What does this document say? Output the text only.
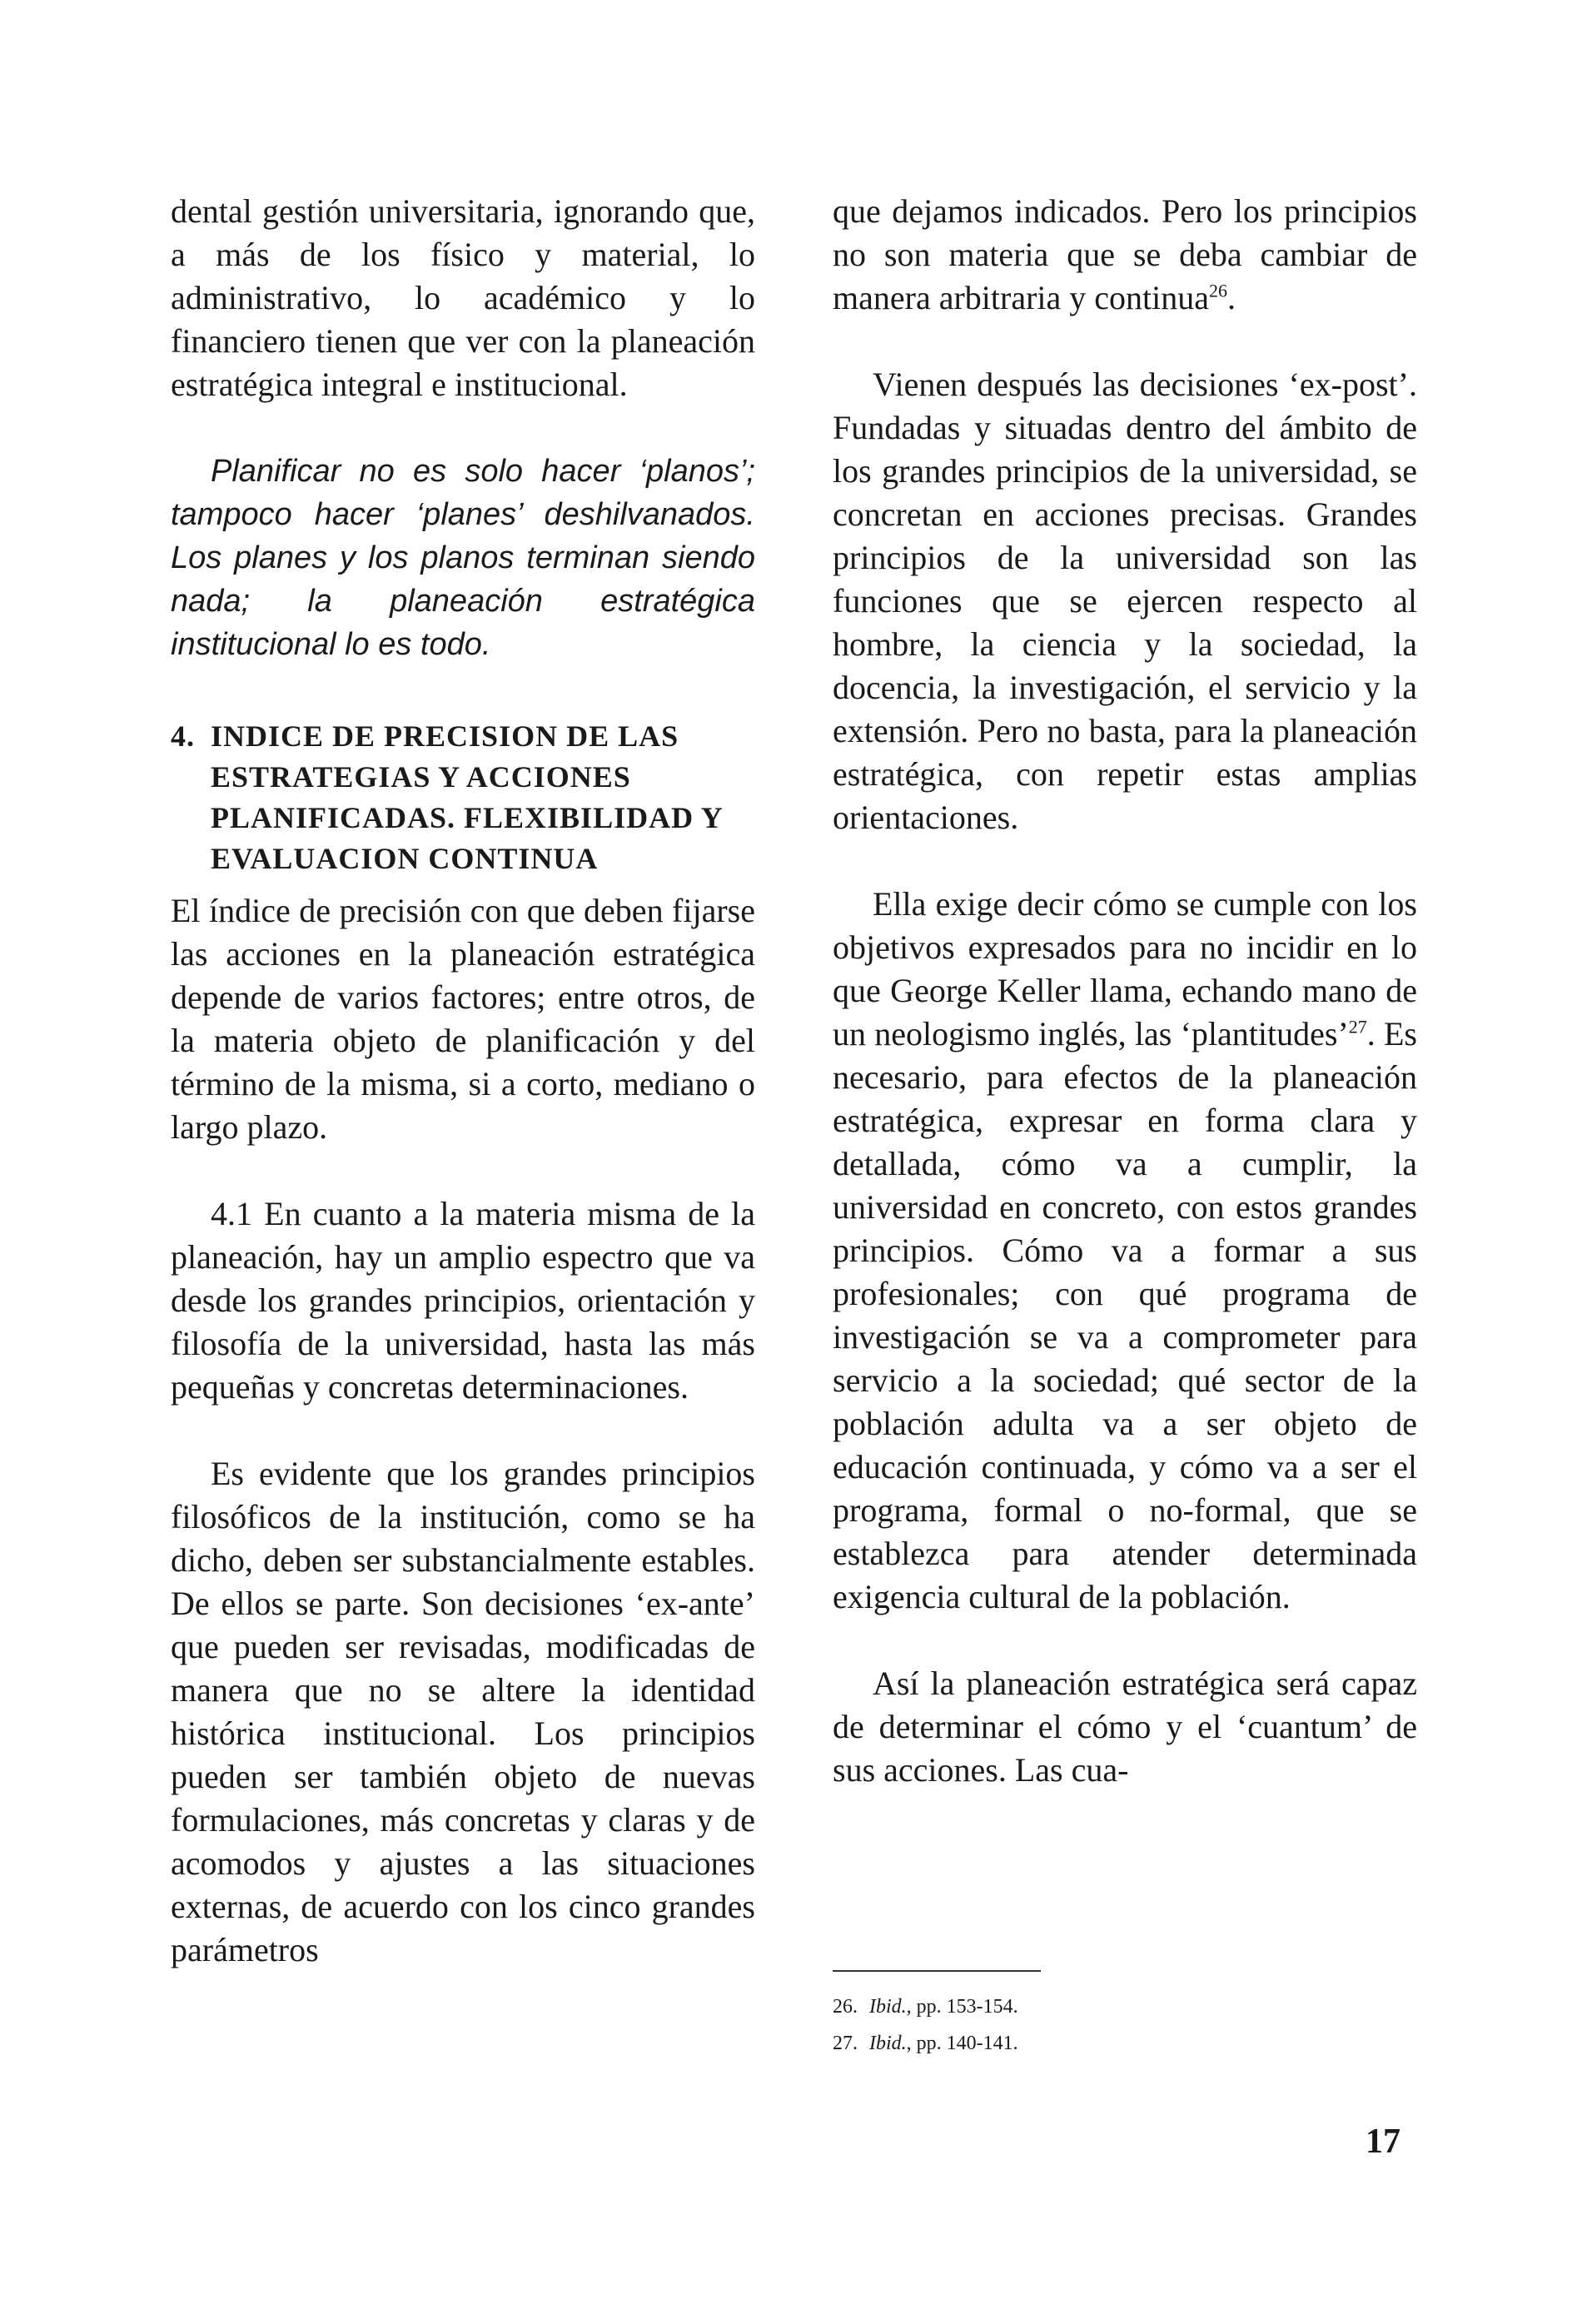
dental gestión universitaria, ignorando que, a más de los físico y material, lo administrativo, lo académico y lo financiero tienen que ver con la planeación estratégica integral e institucional.

Planificar no es solo hacer ‘planos’; tampoco hacer ‘planes’ deshilvanados. Los planes y los planos terminan siendo nada; la planeación estratégica institucional lo es todo.

4. INDICE DE PRECISION DE LAS ESTRATEGIAS Y ACCIONES PLANIFICADAS. FLEXIBILIDAD Y EVALUACION CONTINUA

El índice de precisión con que deben fijarse las acciones en la planeación estratégica depende de varios factores; entre otros, de la materia objeto de planificación y del término de la misma, si a corto, mediano o largo plazo.

4.1 En cuanto a la materia misma de la planeación, hay un amplio espectro que va desde los grandes principios, orientación y filosofía de la universidad, hasta las más pequeñas y concretas determinaciones.

Es evidente que los grandes principios filosóficos de la institución, como se ha dicho, deben ser substancialmente estables. De ellos se parte. Son decisiones ‘ex-ante’ que pueden ser revisadas, modificadas de manera que no se altere la identidad histórica institucional. Los principios pueden ser también objeto de nuevas formulaciones, más concretas y claras y de acomodos y ajustes a las situaciones externas, de acuerdo con los cinco grandes parámetros

que dejamos indicados. Pero los principios no son materia que se deba cambiar de manera arbitraria y continua$^{26}$.

Vienen después las decisiones ‘ex-post’. Fundadas y situadas dentro del ámbito de los grandes principios de la universidad, se concretan en acciones precisas. Grandes principios de la universidad son las funciones que se ejercen respecto al hombre, la ciencia y la sociedad, la docencia, la investigación, el servicio y la extensión. Pero no basta, para la planeación estratégica, con repetir estas amplias orientaciones.

Ella exige decir cómo se cumple con los objetivos expresados para no incidir en lo que George Keller llama, echando mano de un neologismo inglés, las ‘plantitudes’$^{27}$. Es necesario, para efectos de la planeación estratégica, expresar en forma clara y detallada, cómo va a cumplir, la universidad en concreto, con estos grandes principios. Cómo va a formar a sus profesionales; con qué programa de investigación se va a comprometer para servicio a la sociedad; qué sector de la población adulta va a ser objeto de educación continuada, y cómo va a ser el programa, formal o no-formal, que se establezca para atender determinada exigencia cultural de la población.

Así la planeación estratégica será capaz de determinar el cómo y el ‘cuantum’ de sus acciones. Las cua-

26. Ibid., pp. 153-154.
27. Ibid., pp. 140-141.
17
